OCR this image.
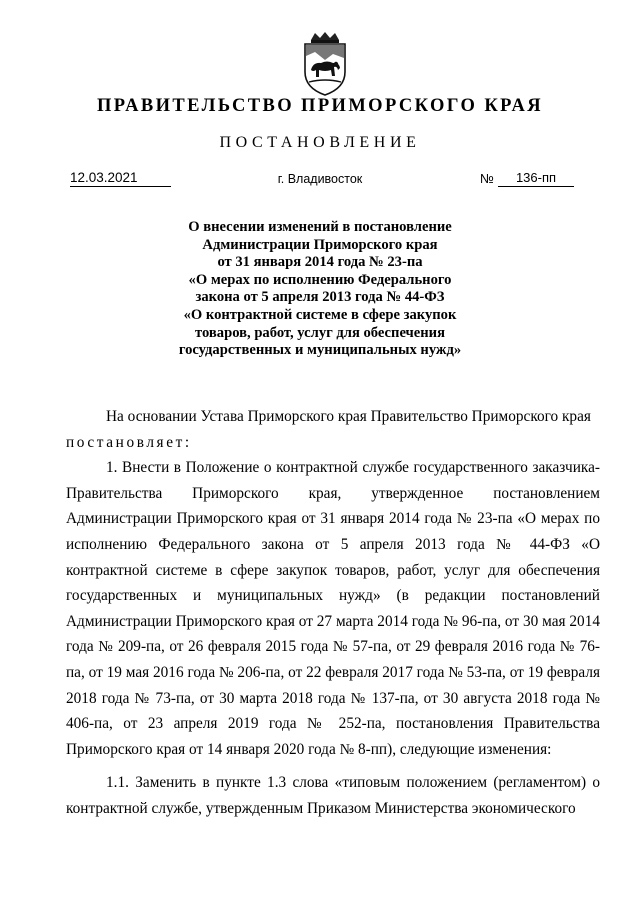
ПРАВИТЕЛЬСТВО ПРИМОРСКОГО КРАЯ
ПОСТАНОВЛЕНИЕ
12.03.2021	г. Владивосток	№	136-пп
О внесении изменений в постановление
Администрации Приморского края
от 31 января 2014 года № 23-па
«О мерах по исполнению Федерального
закона от 5 апреля 2013 года № 44-ФЗ
«О контрактной системе в сфере закупок
товаров, работ, услуг для обеспечения
государственных и муниципальных нужд»

На основании Устава Приморского края Правительство Приморского края

постановляет:

1. Внести в Положение о контрактной службе государственного заказчика-Правительства Приморского края, утвержденное постановлением Администрации Приморского края от 31 января 2014 года № 23-па «О мерах по исполнению Федерального закона от 5 апреля 2013 года № 44-ФЗ «О контрактной системе в сфере закупок товаров, работ, услуг для обеспечения государственных и муниципальных нужд» (в редакции постановлений Администрации Приморского края от 27 марта 2014 года № 96-па, от 30 мая 2014 года № 209-па, от 26 февраля 2015 года № 57-па, от 29 февраля 2016 года № 76-па, от 19 мая 2016 года № 206-па, от 22 февраля 2017 года № 53-па, от 19 февраля 2018 года № 73-па, от 30 марта 2018 года № 137-па, от 30 августа 2018 года № 406-па, от 23 апреля 2019 года № 252-па, постановления Правительства Приморского края от 14 января 2020 года № 8-пп), следующие изменения:

1.1. Заменить в пункте 1.3 слова «типовым положением (регламентом) о контрактной службе, утвержденным Приказом Министерства экономического
